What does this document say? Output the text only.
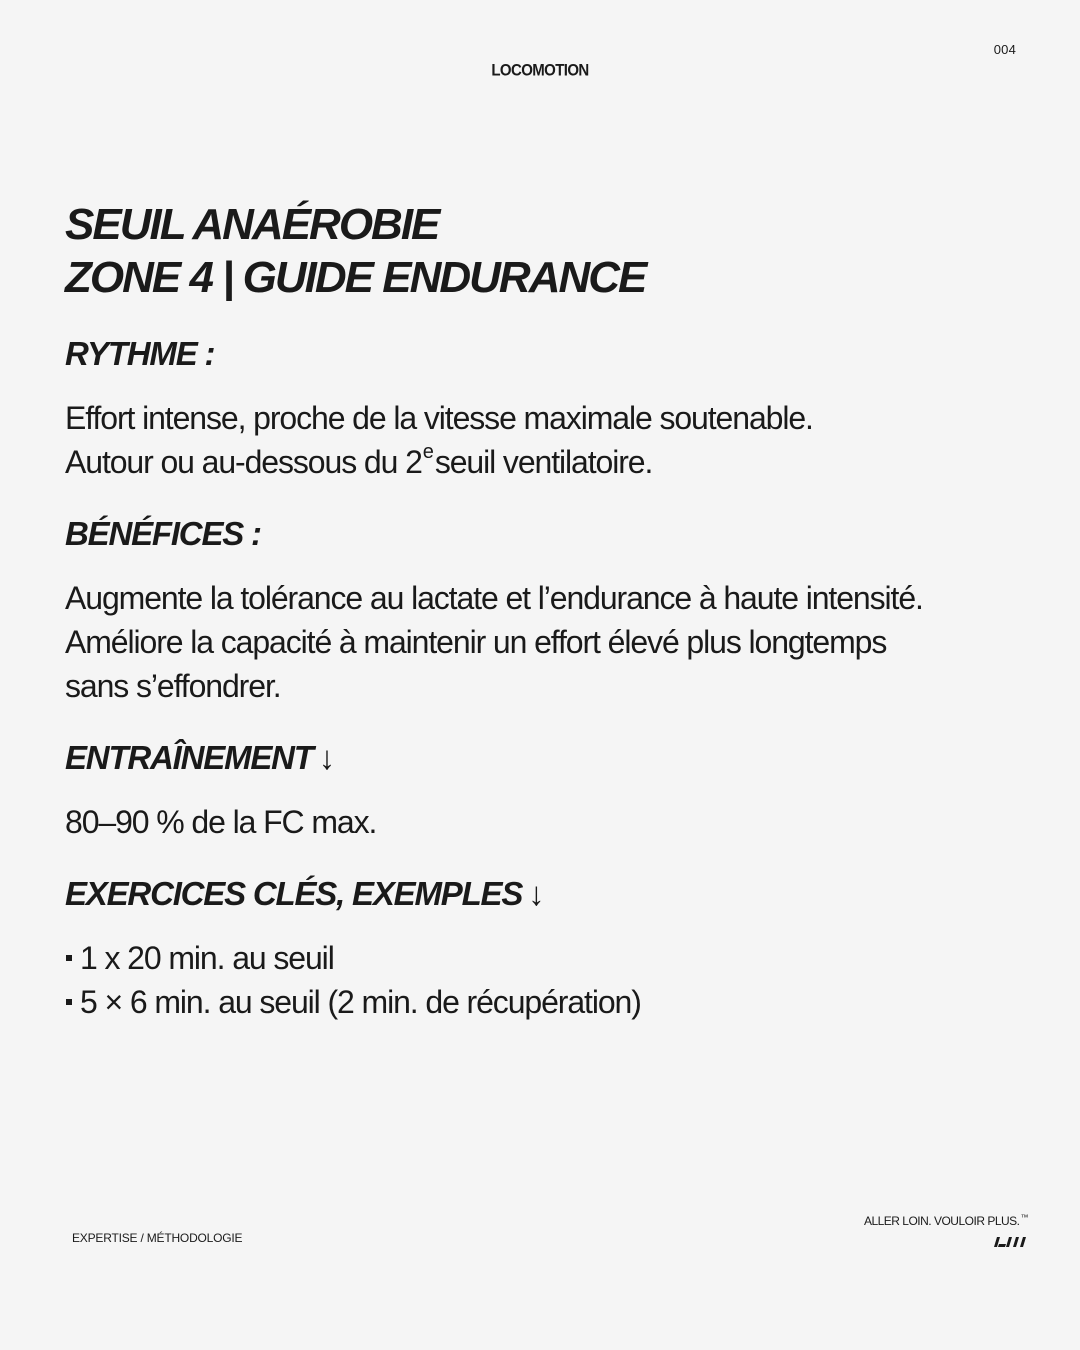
004
LOCOMOTION
SEUIL ANAÉROBIE
ZONE 4 | GUIDE ENDURANCE
RYTHME :

Effort intense, proche de la vitesse maximale soutenable.
Autour ou au-dessous du 2eseuil ventilatoire.

BÉNÉFICES :

Augmente la tolérance au lactate et l’endurance à haute intensité.
Améliore la capacité à maintenir un effort élevé plus longtemps
sans s’effondrer.

ENTRAÎNEMENT ↓

80–90 % de la FC max.

EXERCICES CLÉS, EXEMPLES ↓
1 x 20 min. au seuil
5 × 6 min. au seuil (2 min. de récupération)
EXPERTISE / MÉTHODOLOGIE
ALLER LOIN. VOULOIR PLUS.™
